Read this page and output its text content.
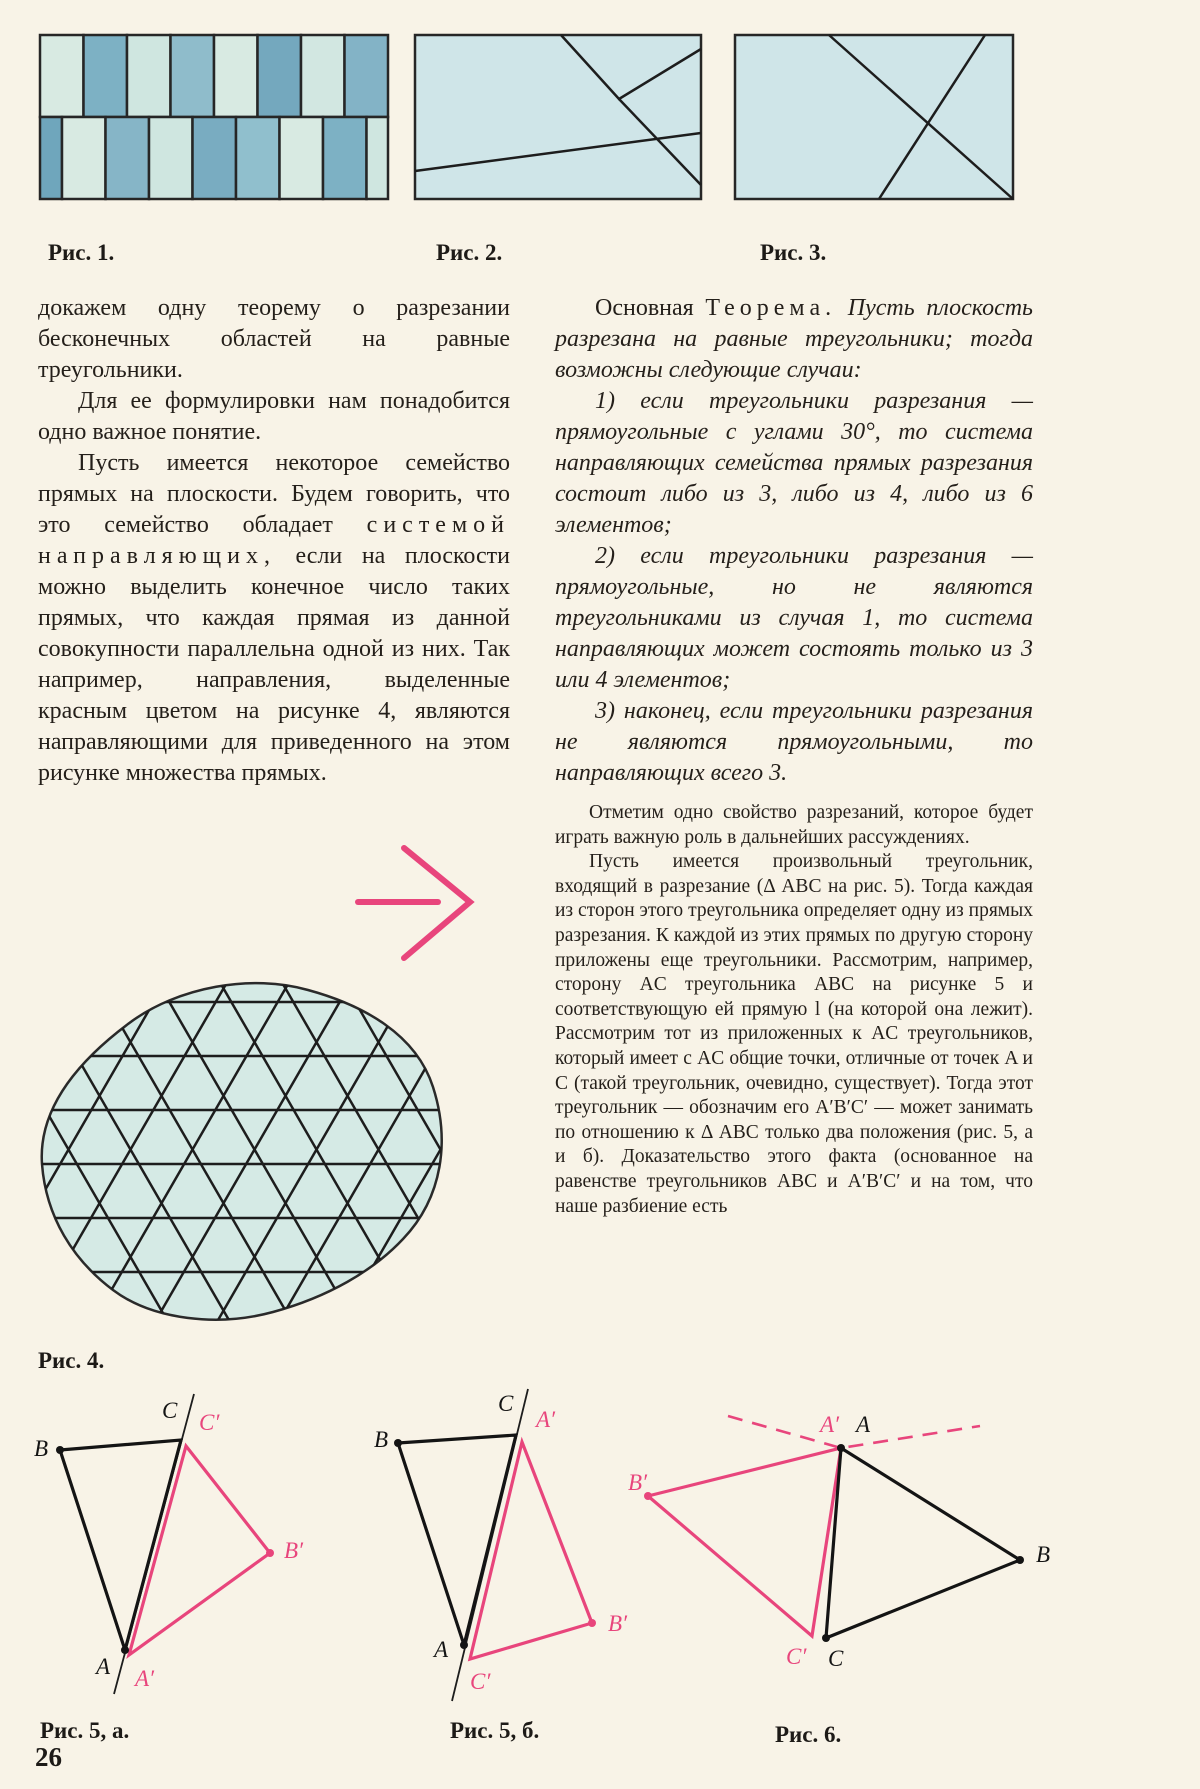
Рис. 1.	Рис. 2.	Рис. 3.

докажем одну теорему о разрезании бесконечных областей на равные треугольники.

Для ее формулировки нам понадобится одно важное понятие.

Пусть имеется некоторое семейство прямых на плоскости. Будем говорить, что это семейство обладает системой направляющих, если на плоскости можно выделить конечное число таких прямых, что каждая прямая из данной совокупности параллельна одной из них. Так например, направления, выделенные красным цветом на рисунке 4, являются направляющими для приведенного на этом рисунке множества прямых.

Основная Теорема. Пусть плоскость разрезана на равные треугольники; тогда возможны следующие случаи:

1) если треугольники разрезания — прямоугольные с углами 30°, то система направляющих семейства прямых разрезания состоит либо из 3, либо из 4, либо из 6 элементов;

2) если треугольники разрезания — прямоугольные, но не являются треугольниками из случая 1, то система направляющих может состоять только из 3 или 4 элементов;

3) наконец, если треугольники разрезания не являются прямоугольными, то направляющих всего 3.

Отметим одно свойство разрезаний, которое будет играть важную роль в дальнейших рассуждениях.

Пусть имеется произвольный треугольник, входящий в разрезание (Δ ABC на рис. 5). Тогда каждая из сторон этого треугольника определяет одну из прямых разрезания. К каждой из этих прямых по другую сторону приложены еще треугольники. Рассмотрим, например, сторону AC треугольника ABC на рисунке 5 и соответствующую ей прямую l (на которой она лежит). Рассмотрим тот из приложенных к AC треугольников, который имеет с AC общие точки, отличные от точек A и C (такой треугольник, очевидно, существует). Тогда этот треугольник — обозначим его A′B′C′ — может занимать по отношению к Δ ABC только два положения (рис. 5, а и б). Доказательство этого факта (основанное на равенстве треугольников ABC и A′B′C′ и на том, что наше разбиение есть

Рис. 4.
B
C C′
B′
A A′
B
C
A′
A
B′
C′
B′
A′ A
B
C′ C
Рис. 5, а.	Рис. 5, б.	Рис. 6.
26
